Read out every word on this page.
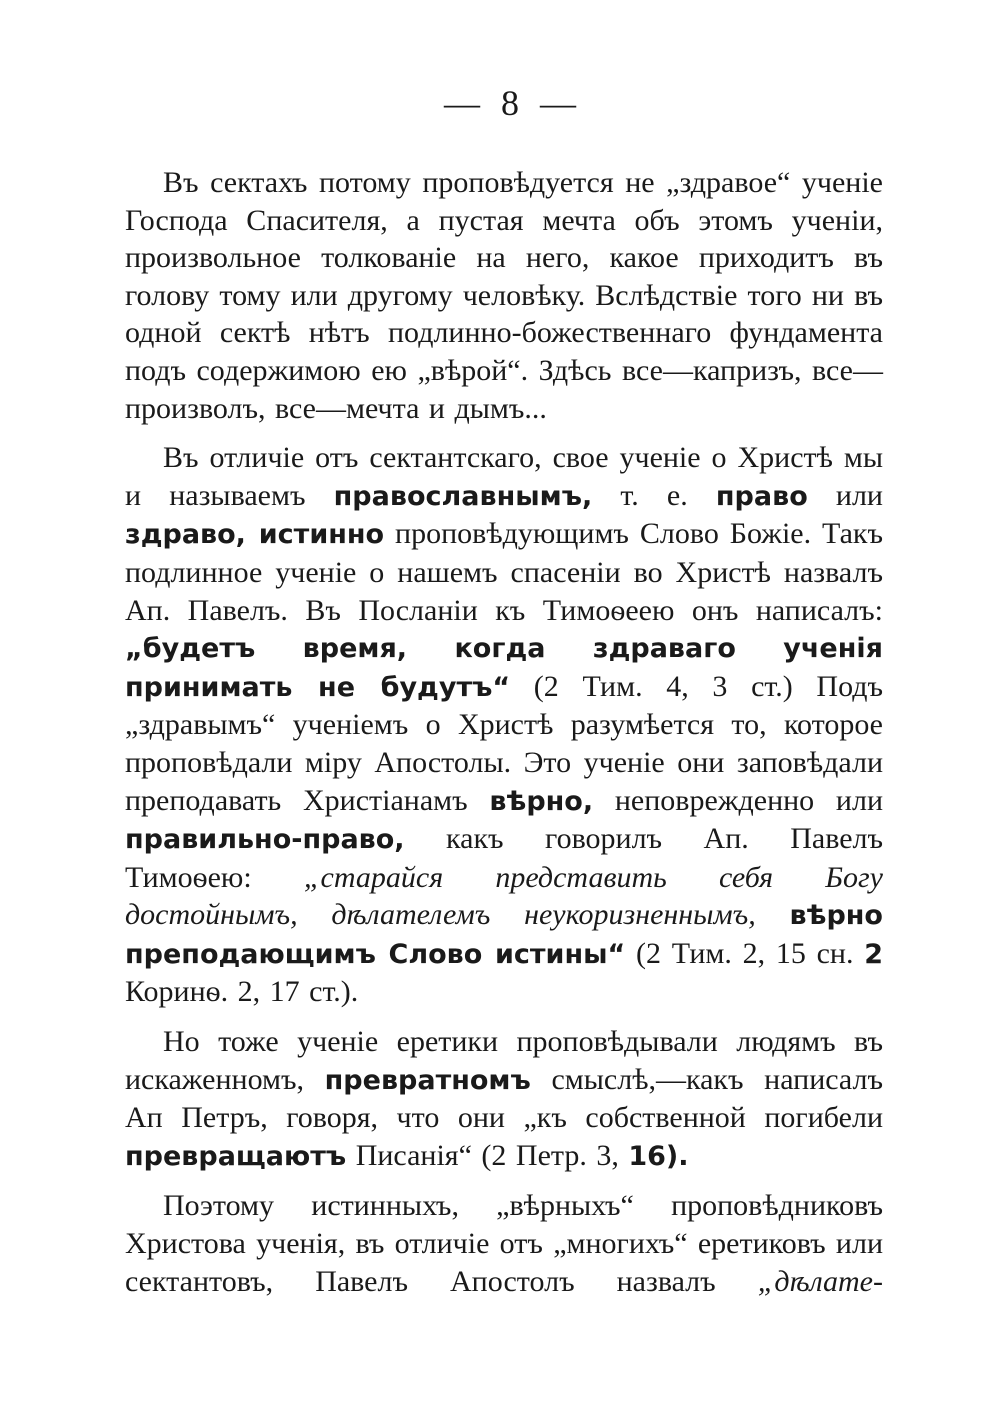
— 8 —

Въ сектахъ потому проповѣдуется не „здравое“ ученіе Господа Спасителя, а пустая мечта объ этомъ ученіи, произвольное толкованіе на него, какое приходитъ въ голову тому или другому человѣку. Вслѣдствіе того ни въ одной сектѣ нѣтъ подлинно-божественнаго фундамента подъ содержимою ею „вѣрой“. Здѣсь все—капризъ, все—произволъ, все—мечта и дымъ...

Въ отличіе отъ сектантскаго, свое ученіе о Христѣ мы и называемъ православнымъ, т. е. право или здраво, истинно проповѣдующимъ Слово Божіе. Такъ подлинное ученіе о нашемъ спасеніи во Христѣ назвалъ Ап. Павелъ. Въ Посланіи къ Тимоѳеею онъ написалъ: „будетъ время, когда здраваго ученія принимать не будутъ“ (2 Тим. 4, 3 ст.) Подъ „здравымъ“ ученіемъ о Христѣ разумѣется то, которое проповѣдали міру Апостолы. Это ученіе они заповѣдали преподавать Христіанамъ вѣрно, неповрежденно или правильно-право, какъ говорилъ Ап. Павелъ Тимоѳею: „старайся представить себя Богу достойнымъ, дѣлателемъ неукоризненнымъ, вѣрно преподающимъ Слово истины“ (2 Тим. 2, 15 сн. 2 Коринѳ. 2, 17 ст.).

Но тоже ученіе еретики проповѣдывали людямъ въ искаженномъ, превратномъ смыслѣ,—какъ написалъ Ап Петръ, говоря, что они „къ собственной погибели превращаютъ Писанія“ (2 Петр. 3, 16).

Поэтому истинныхъ, „вѣрныхъ“ проповѣдниковъ Христова ученія, въ отличіе отъ „многихъ“ еретиковъ или сектантовъ, Павелъ Апостолъ назвалъ „дѣлате-
